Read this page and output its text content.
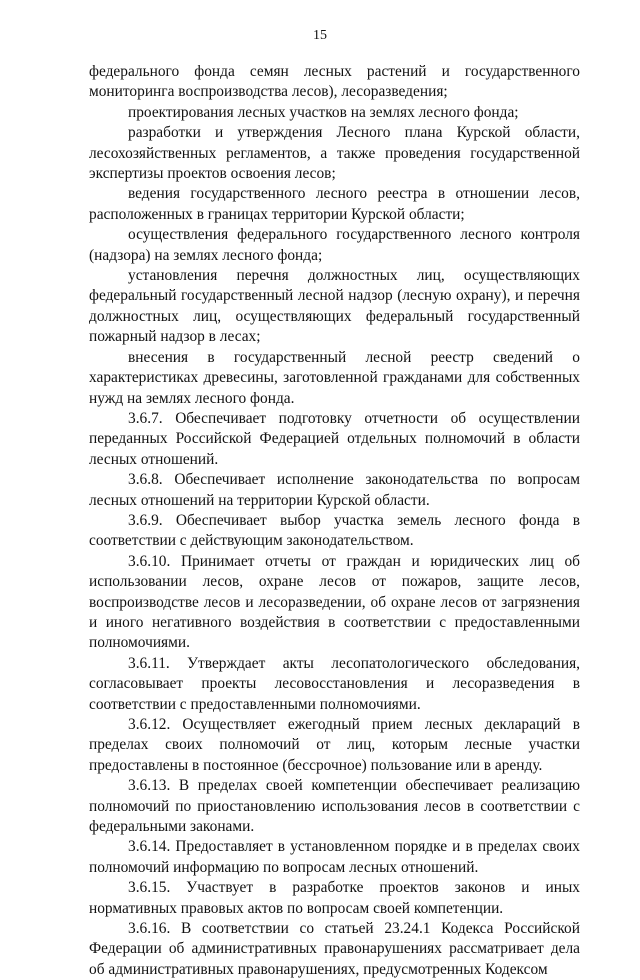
15

федерального фонда семян лесных растений и государственного мониторинга воспроизводства лесов), лесоразведения;

проектирования лесных участков на землях лесного фонда;

разработки и утверждения Лесного плана Курской области, лесохозяйственных регламентов, а также проведения государственной экспертизы проектов освоения лесов;

ведения государственного лесного реестра в отношении лесов, расположенных в границах территории Курской области;

осуществления федерального государственного лесного контроля (надзора) на землях лесного фонда;

установления перечня должностных лиц, осуществляющих федеральный государственный лесной надзор (лесную охрану), и перечня должностных лиц, осуществляющих федеральный государственный пожарный надзор в лесах;

внесения в государственный лесной реестр сведений о характеристиках древесины, заготовленной гражданами для собственных нужд на землях лесного фонда.

3.6.7. Обеспечивает подготовку отчетности об осуществлении переданных Российской Федерацией отдельных полномочий в области лесных отношений.

3.6.8. Обеспечивает исполнение законодательства по вопросам лесных отношений на территории Курской области.

3.6.9. Обеспечивает выбор участка земель лесного фонда в соответствии с действующим законодательством.

3.6.10. Принимает отчеты от граждан и юридических лиц об использовании лесов, охране лесов от пожаров, защите лесов, воспроизводстве лесов и лесоразведении, об охране лесов от загрязнения и иного негативного воздействия в соответствии с предоставленными полномочиями.

3.6.11. Утверждает акты лесопатологического обследования, согласовывает проекты лесовосстановления и лесоразведения в соответствии с предоставленными полномочиями.

3.6.12. Осуществляет ежегодный прием лесных деклараций в пределах своих полномочий от лиц, которым лесные участки предоставлены в постоянное (бессрочное) пользование или в аренду.

3.6.13. В пределах своей компетенции обеспечивает реализацию полномочий по приостановлению использования лесов в соответствии с федеральными законами.

3.6.14. Предоставляет в установленном порядке и в пределах своих полномочий информацию по вопросам лесных отношений.

3.6.15. Участвует в разработке проектов законов и иных нормативных правовых актов по вопросам своей компетенции.

3.6.16. В соответствии со статьей 23.24.1 Кодекса Российской Федерации об административных правонарушениях рассматривает дела об административных правонарушениях, предусмотренных Кодексом
